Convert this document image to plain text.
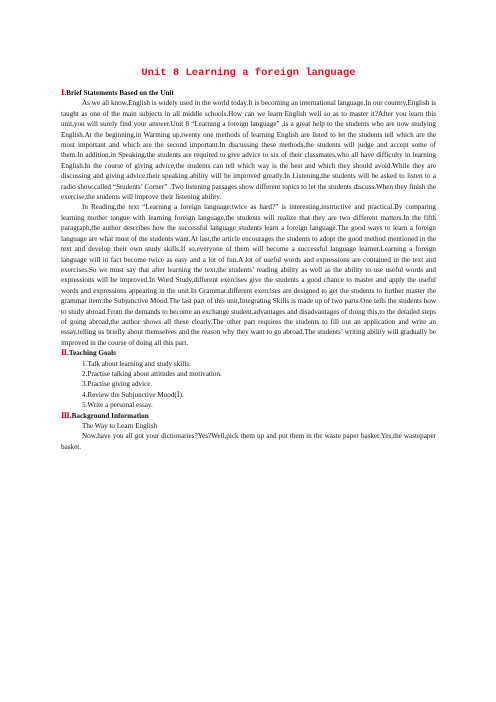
Unit 8 Learning a foreign language

Ⅰ.Brief Statements Based on the Unit

As we all know,English is widely used in the world today.It is becoming an international language.In our country,English is taught as one of the main subjects in all middle schools.How can we learn English well so as to master it?After you learn this unit,you will surely find your answer.Unit 8 “Learning a foreign language” ,is a great help to the students who are now studying English.At the beginning,in Warming up,twenty one methods of learning English are listed to let the students tell which are the most important and which are the second important.In discussing these methods,the students will judge and accept some of them.In addition,in Speaking,the students are required to give advice to six of their classmates,who all have difficulty in learning English.In the course of giving advice,the students can tell which way is the best and which they should avoid.While they are discussing and giving advice,their speaking ability will be improved greatly.In Listening,the students will be asked to listen to a radio show,called “Students’ Corner” .Two listening passages show different topics to let the students discuss.When they finish the exercise,the students will improve their listening ability.

In Reading,the text “Learning a foreign language:twice as hard?” is interesting,instructive and practical.By comparing learning mother tongue with learning foreign language,the students will realize that they are two different matters.In the fifth paragraph,the author describes how the successful language students learn a foreign language.The good ways to learn a foreign language are what most of the students want.At last,the article encourages the students to adopt the good method mentioned in the text and develop their own study skills.If so,everyone of them will become a successful language learner.Learning a foreign language will in fact become twice as easy and a lot of fun.A lot of useful words and expressions are contained in the text and exercises.So we must say that after learning the text,the students’ reading ability as well as the ability to use useful words and expressions will be improved.In Word Study,different exercises give the students a good chance to master and apply the useful words and expressions appearing in the unit.In Grammar,different exercises are designed to get the students to further master the grammar item:the Subjunctive Mood.The last part of this unit,Integrating Skills is made up of two parts.One tells the students how to study abroad.From the demands to become an exchange student,advantages and disadvantages of doing this,to the detailed steps of going abroad,the author shows all these clearly.The other part requires the students to fill out an application and write an essay,telling us briefly about themselves and the reason why they want to go abroad.The students’ writing ability will gradually be improved in the course of doing all this part.

Ⅱ.Teaching Goals

1.Talk about learning and study skills.

2.Practise talking about attitudes and motivation.

3.Practise giving advice.

4.Review the Subjunctive Mood(Ⅰ).

5.Write a personal essay.

Ⅲ.Background Information

The Way to Learn English

Now,have you all got your dictionaries?Yes?Well,pick them up and put them in the waste paper basket.Yes,the wastepaper basket.
